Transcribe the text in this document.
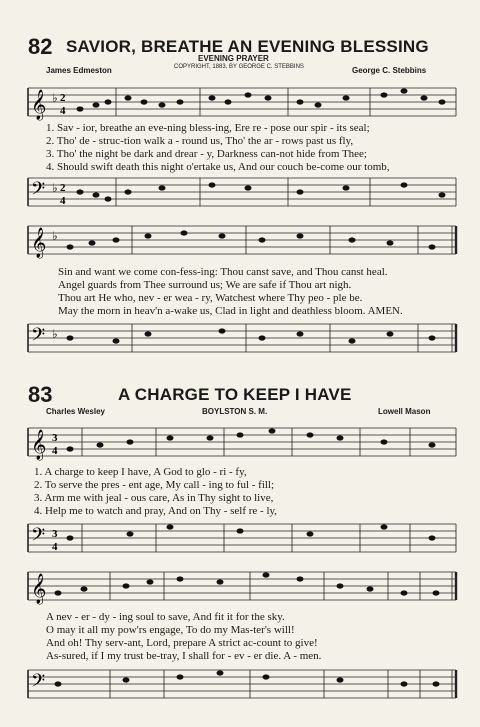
82 SAVIOR, BREATHE AN EVENING BLESSING
EVENING PRAYER
COPYRIGHT, 1883, BY GEORGE C. STEBBINS
James Edmeston	George C. Stebbins
𝄞 ♭ 2
4
1. Sav - ior, breathe an eve-ning bless-ing, Ere re - pose our spir - its seal;
2. Tho' de - struc-tion walk a - round us, Tho' the ar - rows past us fly,
3. Tho' the night be dark and drear - y, Darkness can-not hide from Thee;
4. Should swift death this night o'ertake us, And our couch be-come our tomb,
𝄢 ♭ 2
4
𝄞 ♭
Sin and want we come con-fess-ing: Thou canst save, and Thou canst heal.
Angel guards from Thee surround us; We are safe if Thou art nigh.
Thou art He who, nev - er wea - ry, Watchest where Thy peo - ple be.
May the morn in heav'n a-wake us, Clad in light and deathless bloom. AMEN.
𝄢 ♭
83	A CHARGE TO KEEP I HAVE
Charles Wesley	BOYLSTON S. M.	Lowell Mason
𝄞 3
4
1. A charge to keep I have, A God to glo - ri - fy,
2. To serve the pres - ent age, My call - ing to ful - fill;
3. Arm me with jeal - ous care, As in Thy sight to live,
4. Help me to watch and pray, And on Thy - self re - ly,
𝄢 3
4
𝄞
A nev - er - dy - ing soul to save, And fit it for the sky.
O may it all my pow'rs engage, To do my Mas-ter's will!
And oh! Thy serv-ant, Lord, prepare A strict ac-count to give!
As-sured, if I my trust be-tray, I shall for - ev - er die. A - men.
𝄢
